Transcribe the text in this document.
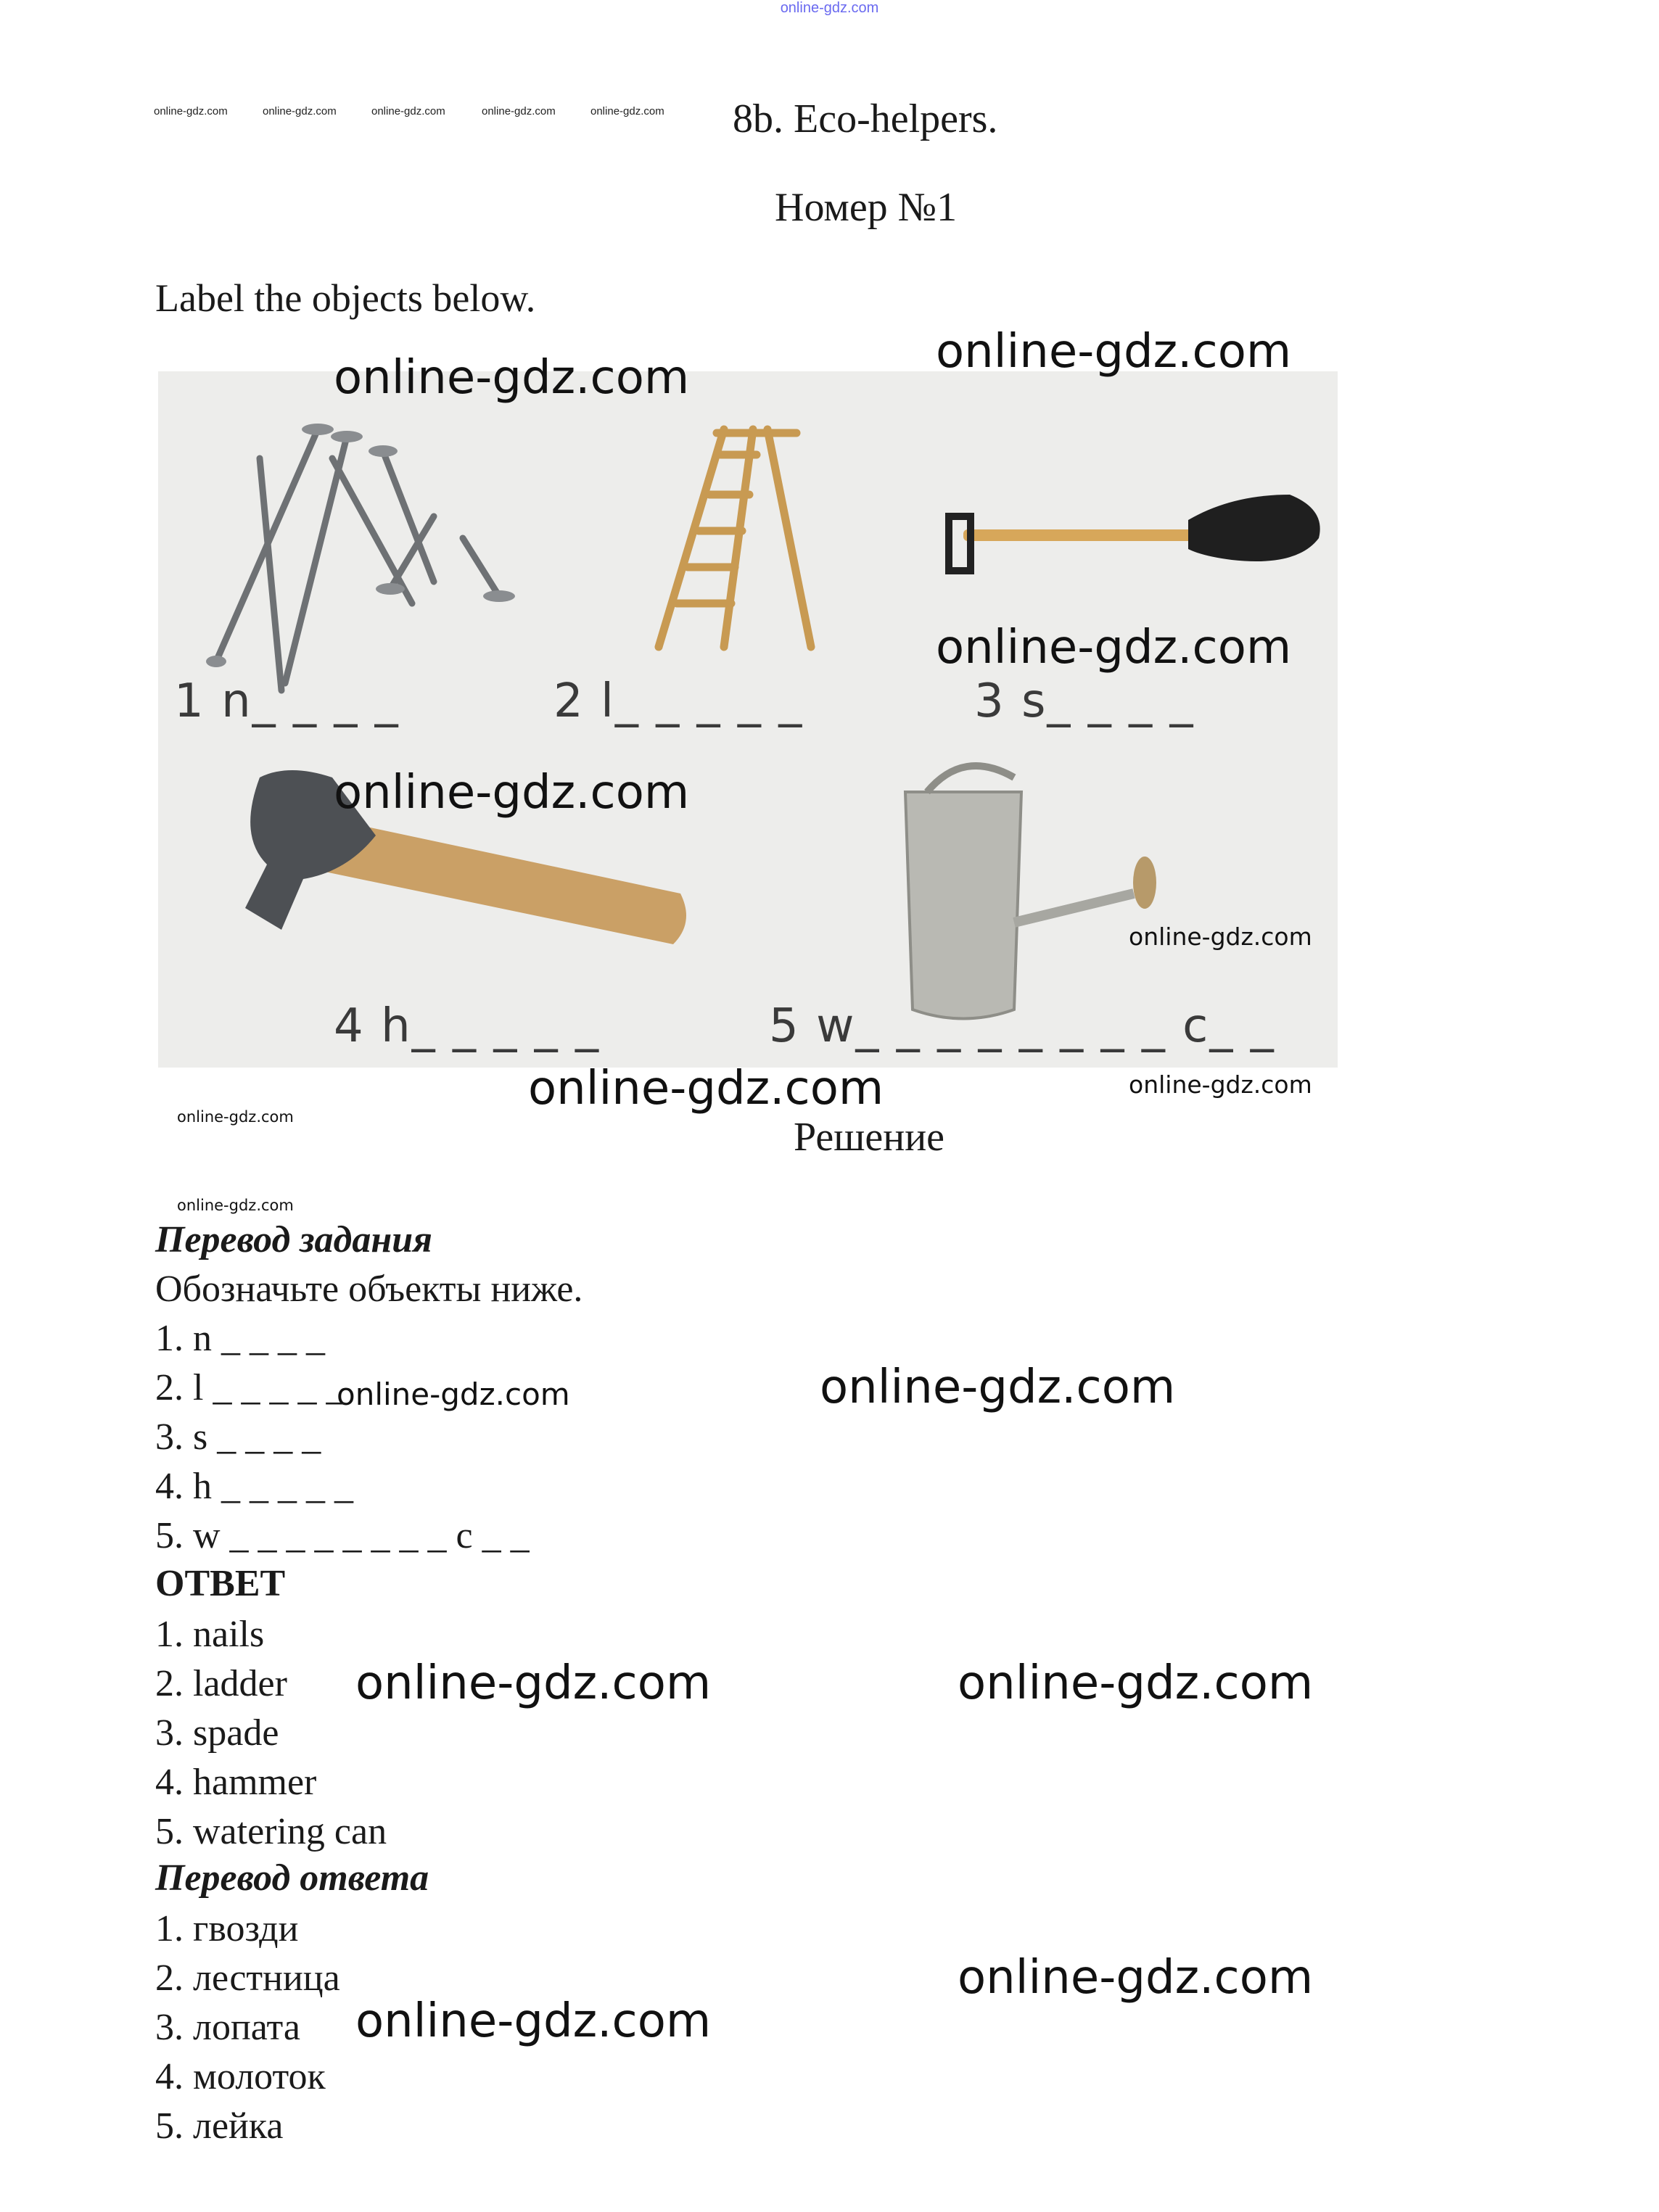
online-gdz.com
online-gdz.com	online-gdz.com	online-gdz.com	online-gdz.com	online-gdz.com 8b. Eco-helpers.
Номер №1
Label the objects below.
1 n_ _ _ _	2 l_ _ _ _ _	3 s_ _ _ _
4 h_ _ _ _ _	5 w_ _ _ _ _ _ _ _ c_ _
online-gdz.com	online-gdz.com
online-gdz.com
online-gdz.com
online-gdz.com
online-gdz.com	online-gdz.com
online-gdz.com
online-gdz.com
online-gdz.com	online-gdz.com
online-gdz.com	online-gdz.com
online-gdz.com
online-gdz.com
Решение
Перевод задания
Обозначьте объекты ниже.
1. n _ _ _ _
2. l _ _ _ _ _
3. s _ _ _ _
4. h _ _ _ _ _
5. w _ _ _ _ _ _ _ _ c _ _
ОТВЕТ
1. nails
2. ladder
3. spade
4. hammer
5. watering can
Перевод ответа
1. гвозди
2. лестница
3. лопата
4. молоток
5. лейка
